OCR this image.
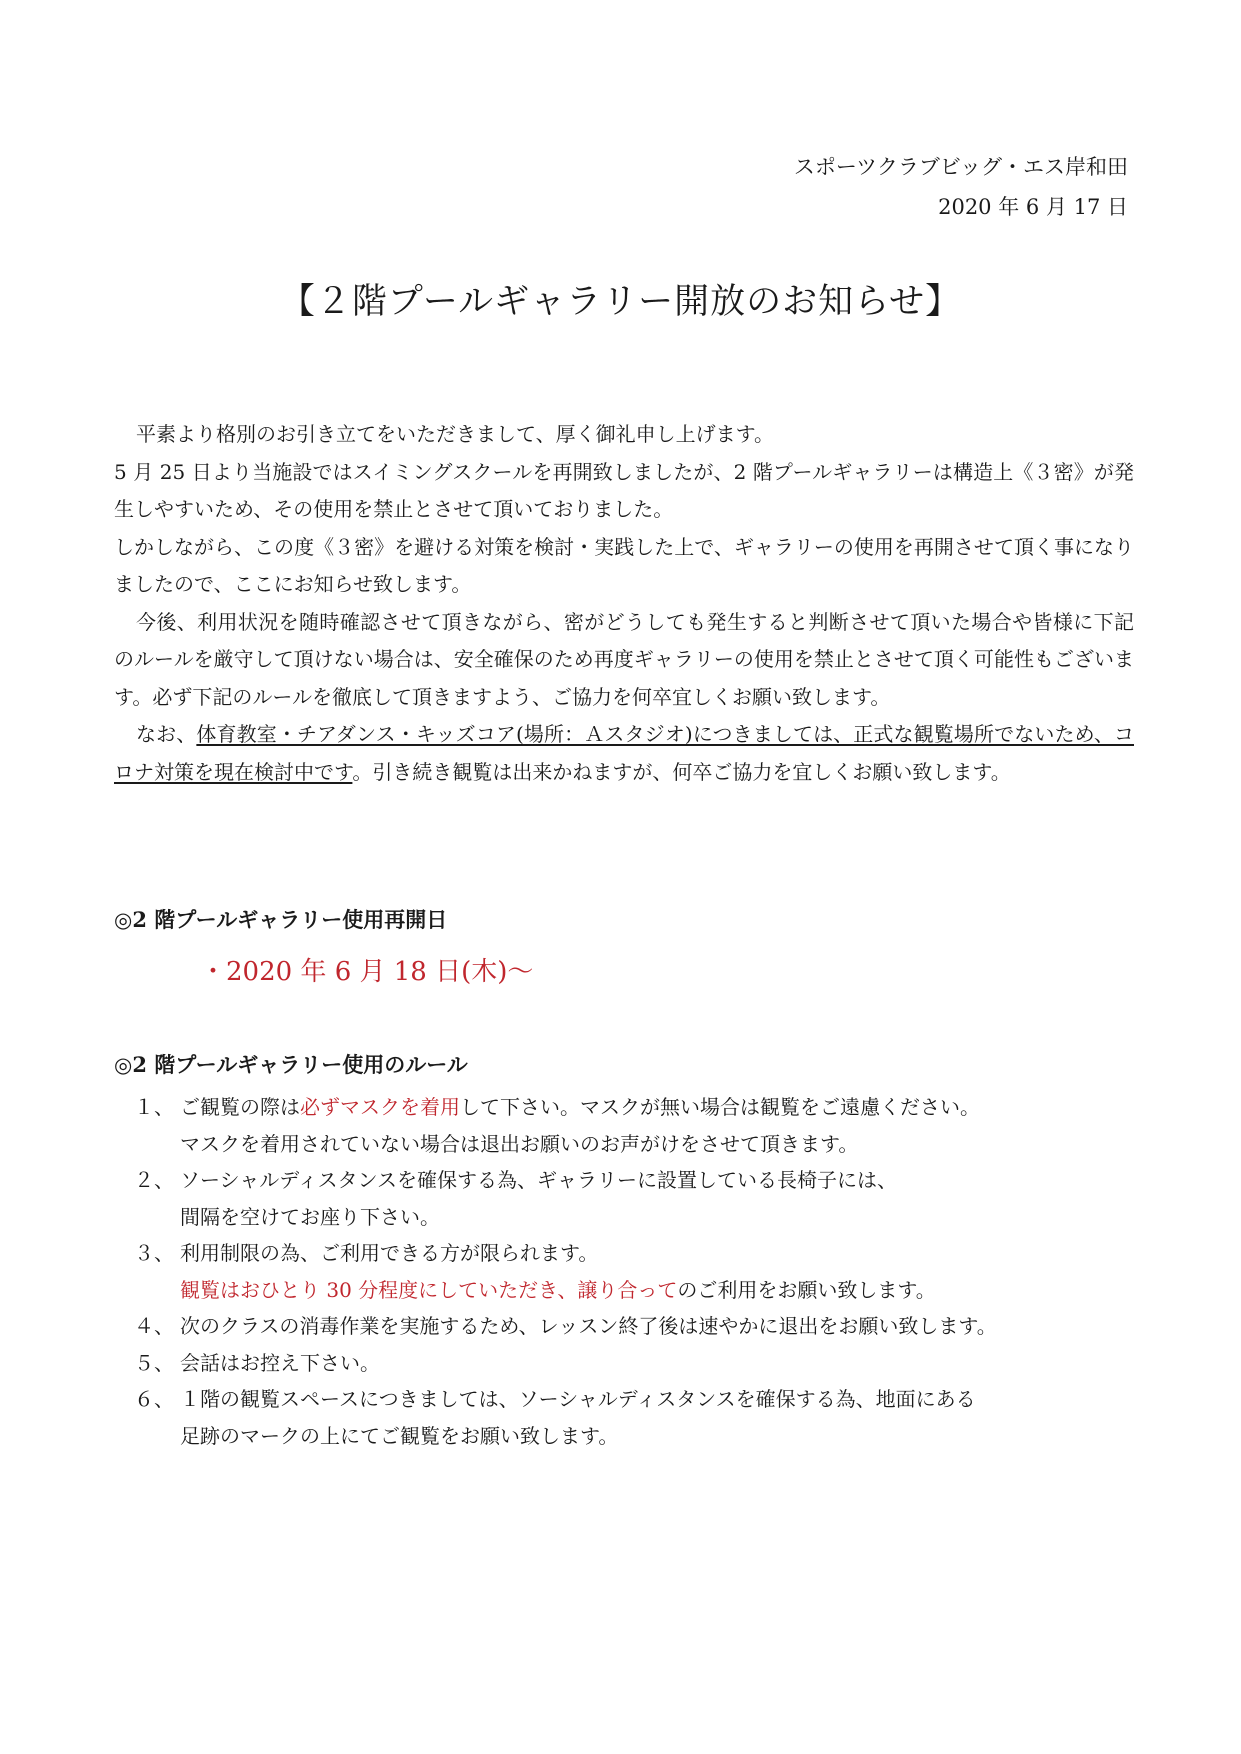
スポーツクラブビッグ・エス岸和田
2020 年 6 月 17 日
【２階プールギャラリー開放のお知らせ】

平素より格別のお引き立てをいただきまして、厚く御礼申し上げます。

5 月 25 日より当施設ではスイミングスクールを再開致しましたが、2 階プールギャラリーは構造上《３密》が発生しやすいため、その使用を禁止とさせて頂いておりました。

しかしながら、この度《３密》を避ける対策を検討・実践した上で、ギャラリーの使用を再開させて頂く事になりましたので、ここにお知らせ致します。

今後、利用状況を随時確認させて頂きながら、密がどうしても発生すると判断させて頂いた場合や皆様に下記のルールを厳守して頂けない場合は、安全確保のため再度ギャラリーの使用を禁止とさせて頂く可能性もございます。必ず下記のルールを徹底して頂きますよう、ご協力を何卒宜しくお願い致します。

なお、体育教室・チアダンス・キッズコア(場所：Ａスタジオ)につきましては、正式な観覧場所でないため、コロナ対策を現在検討中です。引き続き観覧は出来かねますが、何卒ご協力を宜しくお願い致します。

◎2 階プールギャラリー使用再開日
・2020 年 6 月 18 日(木)～
◎2 階プールギャラリー使用のルール
１、 ご観覧の際は必ずマスクを着用して下さい。マスクが無い場合は観覧をご遠慮ください。
マスクを着用されていない場合は退出お願いのお声がけをさせて頂きます。
２、 ソーシャルディスタンスを確保する為、ギャラリーに設置している長椅子には、
間隔を空けてお座り下さい。
３、 利用制限の為、ご利用できる方が限られます。
観覧はおひとり 30 分程度にしていただき、譲り合ってのご利用をお願い致します。
４、 次のクラスの消毒作業を実施するため、レッスン終了後は速やかに退出をお願い致します。
５、 会話はお控え下さい。
６、 １階の観覧スペースにつきましては、ソーシャルディスタンスを確保する為、地面にある
足跡のマークの上にてご観覧をお願い致します。
